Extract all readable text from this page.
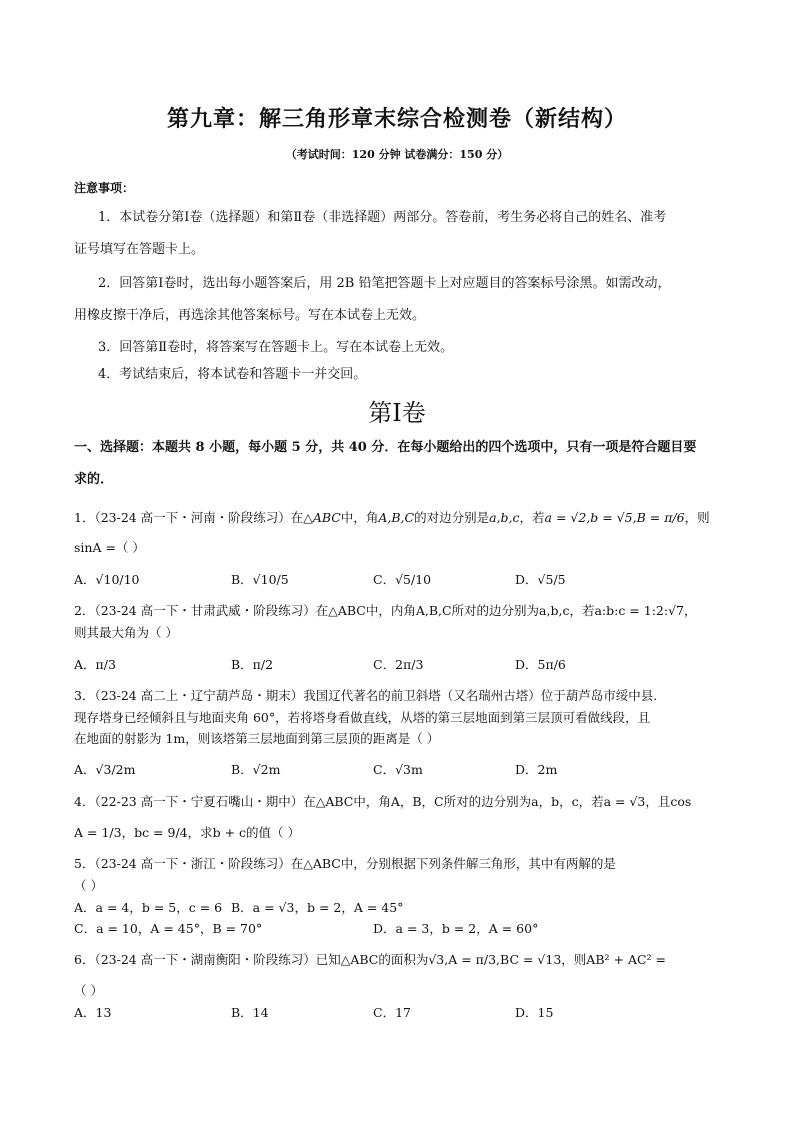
第九章：解三角形章末综合检测卷（新结构）
（考试时间：120 分钟 试卷满分：150 分）
注意事项：
1．本试卷分第Ⅰ卷（选择题）和第Ⅱ卷（非选择题）两部分。答卷前，考生务必将自己的姓名、准考
证号填写在答题卡上。
2．回答第Ⅰ卷时，选出每小题答案后，用 2B 铅笔把答题卡上对应题目的答案标号涂黑。如需改动，
用橡皮擦干净后，再选涂其他答案标号。写在本试卷上无效。
3．回答第Ⅱ卷时，将答案写在答题卡上。写在本试卷上无效。
4．考试结束后，将本试卷和答题卡一并交回。
第Ⅰ卷
一、选择题：本题共 8 小题，每小题 5 分，共 40 分．在每小题给出的四个选项中，只有一项是符合题目要
求的．
1．（23-24 高一下・河南・阶段练习）在△ABC中，角A,B,C的对边分别是a,b,c，若a = √2,b = √5,B = π/6，则
sinA =（ ）
A．√10/10	B．√10/5	C．√5/10	D．√5/5
2．（23-24 高一下・甘肃武威・阶段练习）在△ABC中，内角A,B,C所对的边分别为a,b,c，若a:b:c = 1:2:√7，
则其最大角为（ ）
A．π/3	B．π/2	C．2π/3	D．5π/6
3．（23-24 高二上・辽宁葫芦岛・期末）我国辽代著名的前卫斜塔（又名瑞州古塔）位于葫芦岛市绥中县.
现存塔身已经倾斜且与地面夹角 60°，若将塔身看做直线，从塔的第三层地面到第三层顶可看做线段，且
在地面的射影为 1m，则该塔第三层地面到第三层顶的距离是（ ）
A．√3/2m	B．√2m	C．√3m	D．2m
4．（22-23 高一下・宁夏石嘴山・期中）在△ABC中，角A，B，C所对的边分别为a，b，c，若a = √3，且cos
A = 1/3，bc = 9/4，求b + c的值（ ）
5．（23-24 高一下・浙江・阶段练习）在△ABC中，分别根据下列条件解三角形，其中有两解的是
（ ）
A．a = 4，b = 5，c = 6 B．a = √3，b = 2，A = 45°
C．a = 10，A = 45°，B = 70°	D．a = 3，b = 2，A = 60°
6．（23-24 高一下・湖南衡阳・阶段练习）已知△ABC的面积为√3,A = π/3,BC = √13，则AB² + AC² =
（ ）
A．13	B．14	C．17	D．15
